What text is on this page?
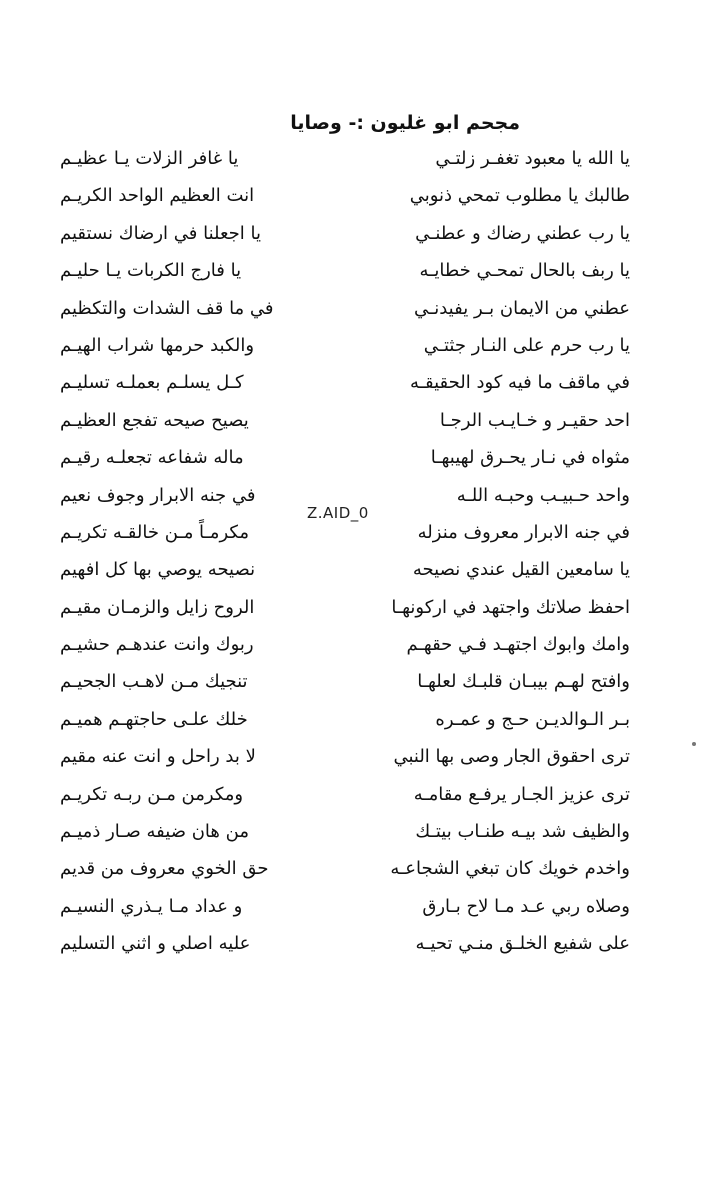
مجحم ابو غليون :- وصايا
يا الله يا معبود تغفـر زلتـي
يا غافر الزلات يـا عظيـم
طالبك يا مطلوب تمحي ذنوبي
انت العظيم الواحد الكريـم
يا رب عطني رضاك و عطنـي
يا اجعلنا في ارضاك نستقيم
يا ربف بالحال تمحـي خطايـه
يا فارج الكربات يـا حليـم
عطني من الايمان بـر يفيدنـي
في ما قف الشدات والتكظيم
يا رب حرم على النـار جثتـي
والكبد حرمها شراب الهيـم
في ماقف ما فيه كود الحقيقـه
كـل يسلـم بعملـه تسليـم
احد حقيـر و خـايـب الرجـا
يصيح صيحه تفجع العظيـم
مثواه في نـار يحـرق لهيبهـا
ماله شفاعه تجعلـه رقيـم
واحد حـبيـب وحبـه اللـه
في جنه الابرار وجوف نعيم
في جنه الابرار معروف منزله
مكرمـاً مـن خالقـه تكريـم
يا سامعين القيل عندي نصيحه
نصيحه يوصي بها كل افهيم
احفظ صلاتك واجتهد في اركونهـا
الروح زايل والزمـان مقيـم
وامك وابوك اجتهـد فـي حقهـم
ربوك وانت عندهـم حشيـم
وافتح لهـم بيبـان قلبـك لعلهـا
تنجيك مـن لاهـب الجحيـم
بـر الـوالديـن حـج و عمـره
خلك علـى حاجتهـم هميـم
ترى احقوق الجار وصى بها النبي
لا بد راحل و انت عنه مقيم
ترى عزيز الجـار يرفـع مقامـه
ومكرمن مـن ربـه تكريـم
والظيف شد بيـه طنـاب بيتـك
من هان ضيفه صـار ذميـم
واخدم خويك كان تبغي الشجاعـه
حق الخوي معروف من قديم
وصلاه ربي عـد مـا لاح بـارق
و عداد مـا يـذري النسيـم
على شفيع الخلـق منـي تحيـه
عليه اصلي و اثني التسليم
Z.AID_0
